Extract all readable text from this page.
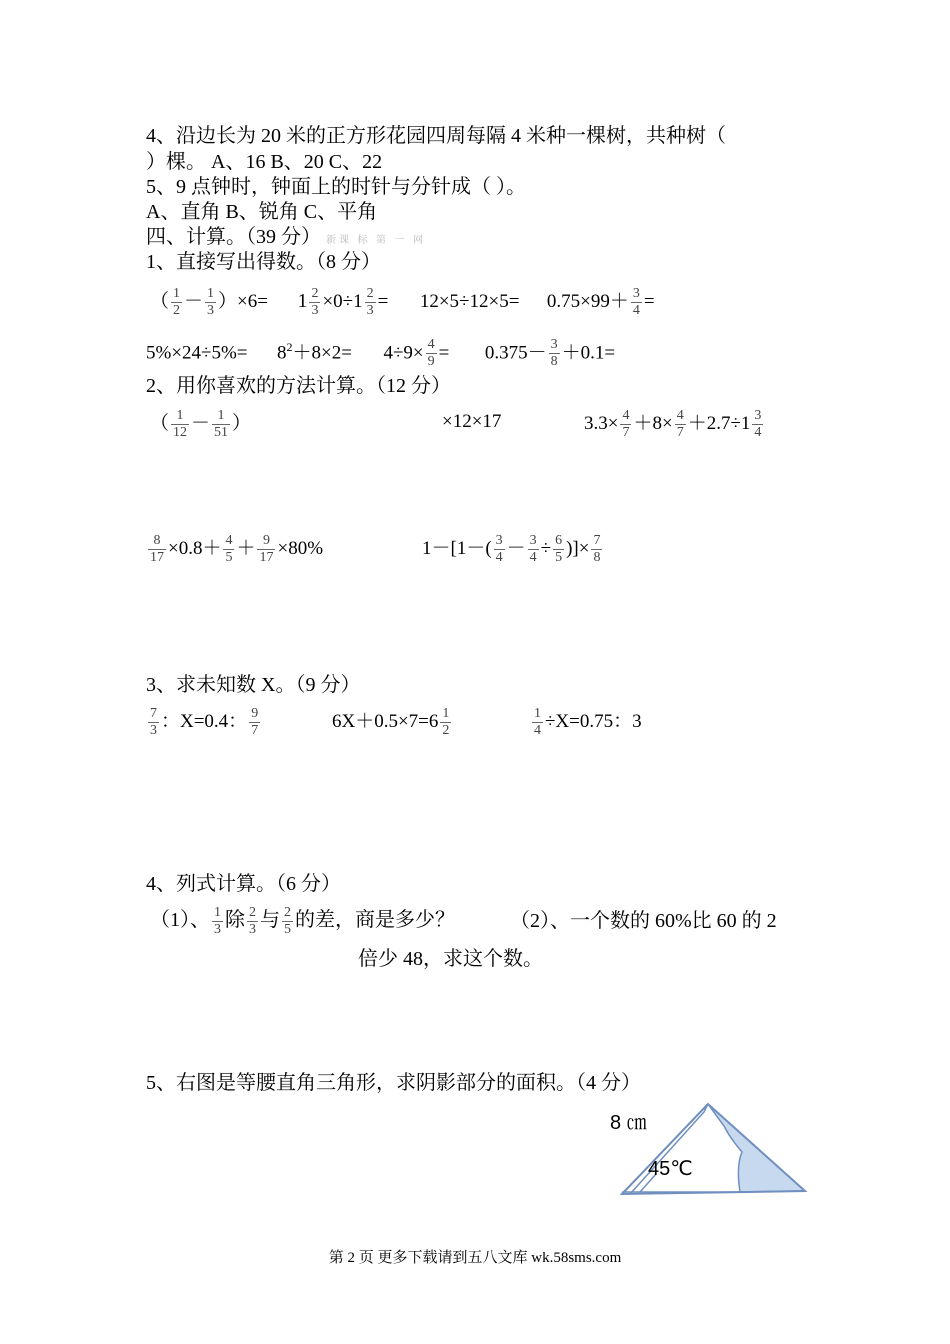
4、沿边长为 20 米的正方形花园四周每隔 4 米种一棵树，共种树（
）棵。 A、16 B、20 C、22
5、9 点钟时，钟面上的时针与分针成（ ）。
A、直角 B、锐角 C、平角
四、计算。（39 分） 新课 标 第 一 网
1、直接写出得数。（8 分）
（ $\frac{1}{2} - \frac{1}{3} )\times 6= 1 \frac{2}{3} \times 0\div 1 \frac{2}{3} = 12\times 5\div 12\times 5= 0.75\times 99+ \frac{3}{4}$ =
$5\%\times 24\div 5\%= 8^2+8\times 2= 4\div 9\times \frac{4}{9} = 0.375- \frac{3}{8} +0.1=$
2、用你喜欢的方法计算。（12 分）
（ $\frac{1}{12} - \frac{1}{51}$ ）	×12×17	$3.3\times \frac{4}{7} +8\times \frac{4}{7} +2.7\div 1 \frac{3}{4}$
$\frac{8}{17} \times 0.8+ \frac{4}{5} + \frac{9}{17} \times 80\%$	$1-[1-( \frac{3}{4} - \frac{3}{4} \div \frac{6}{5}$ )]× $\frac{7}{8}$
3、求未知数 X。（9 分）
$\frac{7}{3}$ ：X=0.4： $\frac{9}{7}$	$6X+0.5\times 7=6 \frac{1}{2}$	$\frac{1}{4} \div X=0.75$：3
4、列式计算。（6 分）
（1）、 $\frac{1}{3}$ 除 $\frac{2}{3}$ 与 $\frac{2}{5}$ 的差，商是多少？	（2）、一个数的 60%比 60 的 2
倍少 48，求这个数。
5、右图是等腰直角三角形，求阴影部分的面积。（4 分）
8 ㎝
45℃
第 2 页 更多下载请到五八文库 wk.58sms.com
